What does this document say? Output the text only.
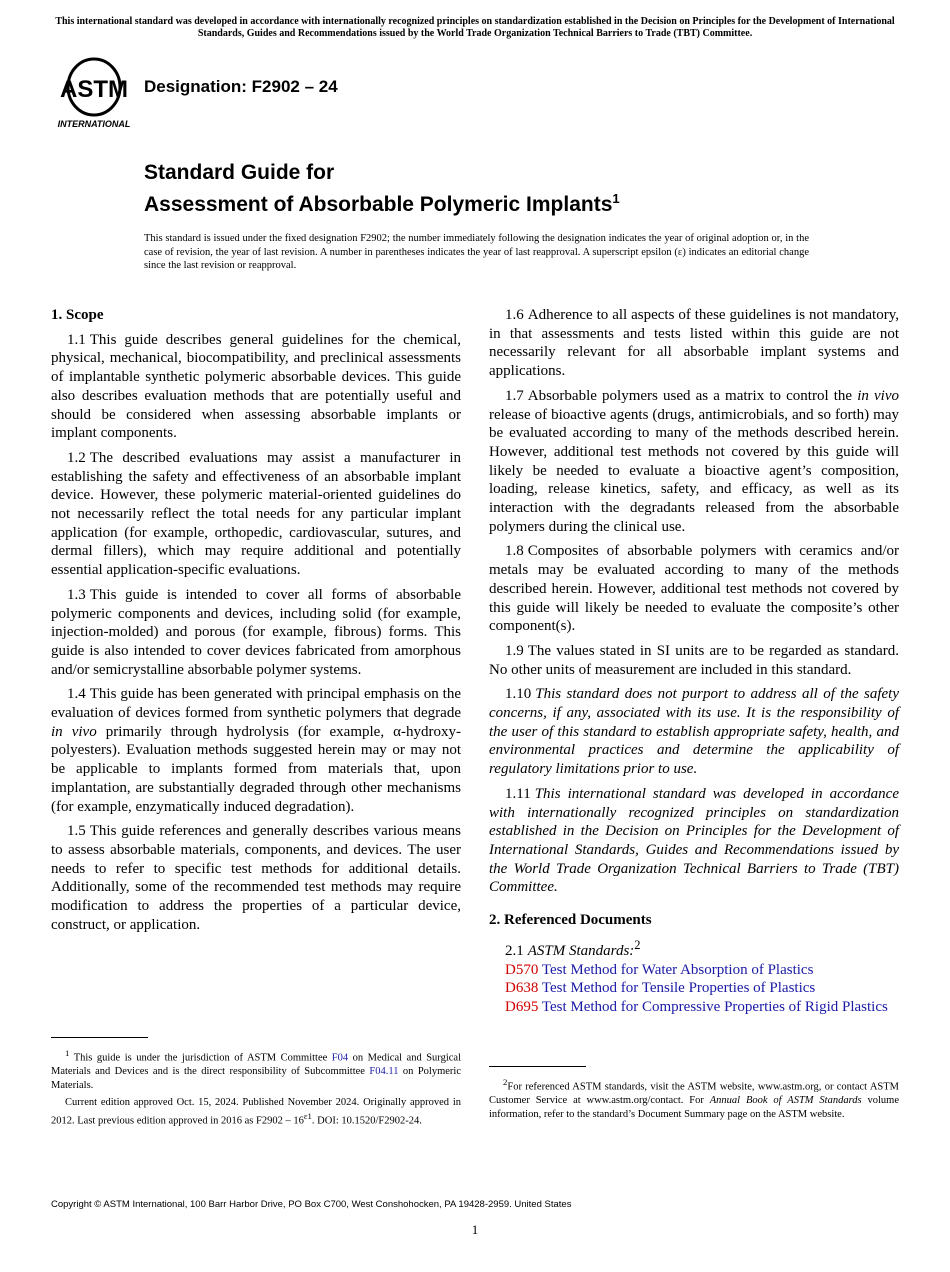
This international standard was developed in accordance with internationally recognized principles on standardization established in the Decision on Principles for the Development of International Standards, Guides and Recommendations issued by the World Trade Organization Technical Barriers to Trade (TBT) Committee.
ASTM
INTERNATIONAL
Designation: F2902 – 24
Standard Guide for
Assessment of Absorbable Polymeric Implants$^1$
This standard is issued under the fixed designation F2902; the number immediately following the designation indicates the year of original adoption or, in the case of revision, the year of last revision. A number in parentheses indicates the year of last reapproval. A superscript epsilon (ε) indicates an editorial change since the last revision or reapproval.
1. Scope

1.1 This guide describes general guidelines for the chemical, physical, mechanical, biocompatibility, and preclinical assessments of implantable synthetic polymeric absorbable devices. This guide also describes evaluation methods that are potentially useful and should be considered when assessing absorbable implants or implant components.

1.2 The described evaluations may assist a manufacturer in establishing the safety and effectiveness of an absorbable implant device. However, these polymeric material-oriented guidelines do not necessarily reflect the total needs for any particular implant application (for example, orthopedic, cardiovascular, sutures, and dermal fillers), which may require additional and potentially essential application-specific evaluations.

1.3 This guide is intended to cover all forms of absorbable polymeric components and devices, including solid (for example, injection-molded) and porous (for example, fibrous) forms. This guide is also intended to cover devices fabricated from amorphous and/or semicrystalline absorbable polymer systems.

1.4 This guide has been generated with principal emphasis on the evaluation of devices formed from synthetic polymers that degrade in vivo primarily through hydrolysis (for example, α-hydroxy-polyesters). Evaluation methods suggested herein may or may not be applicable to implants formed from materials that, upon implantation, are substantially degraded through other mechanisms (for example, enzymatically induced degradation).

1.5 This guide references and generally describes various means to assess absorbable materials, components, and devices. The user needs to refer to specific test methods for additional details. Additionally, some of the recommended test methods may require modification to address the properties of a particular device, construct, or application.

1.6 Adherence to all aspects of these guidelines is not mandatory, in that assessments and tests listed within this guide are not necessarily relevant for all absorbable implant systems and applications.

1.7 Absorbable polymers used as a matrix to control the in vivo release of bioactive agents (drugs, antimicrobials, and so forth) may be evaluated according to many of the methods described herein. However, additional test methods not covered by this guide will likely be needed to evaluate a bioactive agent’s composition, loading, release kinetics, safety, and efficacy, as well as its interaction with the degradants released from the absorbable polymers during the clinical use.

1.8 Composites of absorbable polymers with ceramics and/or metals may be evaluated according to many of the methods described herein. However, additional test methods not covered by this guide will likely be needed to evaluate the composite’s other component(s).

1.9 The values stated in SI units are to be regarded as standard. No other units of measurement are included in this standard.

1.10 This standard does not purport to address all of the safety concerns, if any, associated with its use. It is the responsibility of the user of this standard to establish appropriate safety, health, and environmental practices and determine the applicability of regulatory limitations prior to use.

1.11 This international standard was developed in accordance with internationally recognized principles on standardization established in the Decision on Principles for the Development of International Standards, Guides and Recommendations issued by the World Trade Organization Technical Barriers to Trade (TBT) Committee.

2. Referenced Documents

2.1 ASTM Standards:$^2$

D570 Test Method for Water Absorption of Plastics
D638 Test Method for Tensile Properties of Plastics
D695 Test Method for Compressive Properties of Rigid Plastics

$^1$ This guide is under the jurisdiction of ASTM Committee F04 on Medical and Surgical Materials and Devices and is the direct responsibility of Subcommittee F04.11 on Polymeric Materials.

Current edition approved Oct. 15, 2024. Published November 2024. Originally approved in 2012. Last previous edition approved in 2016 as $F2902 - 16^{\varepsilon 1}$. DOI: 10.1520/F2902-24.

$^2$For referenced ASTM standards, visit the ASTM website, www.astm.org, or contact ASTM Customer Service at www.astm.org/contact. For Annual Book of ASTM Standards volume information, refer to the standard’s Document Summary page on the ASTM website.

Copyright © ASTM International, 100 Barr Harbor Drive, PO Box C700, West Conshohocken, PA 19428-2959. United States
1
